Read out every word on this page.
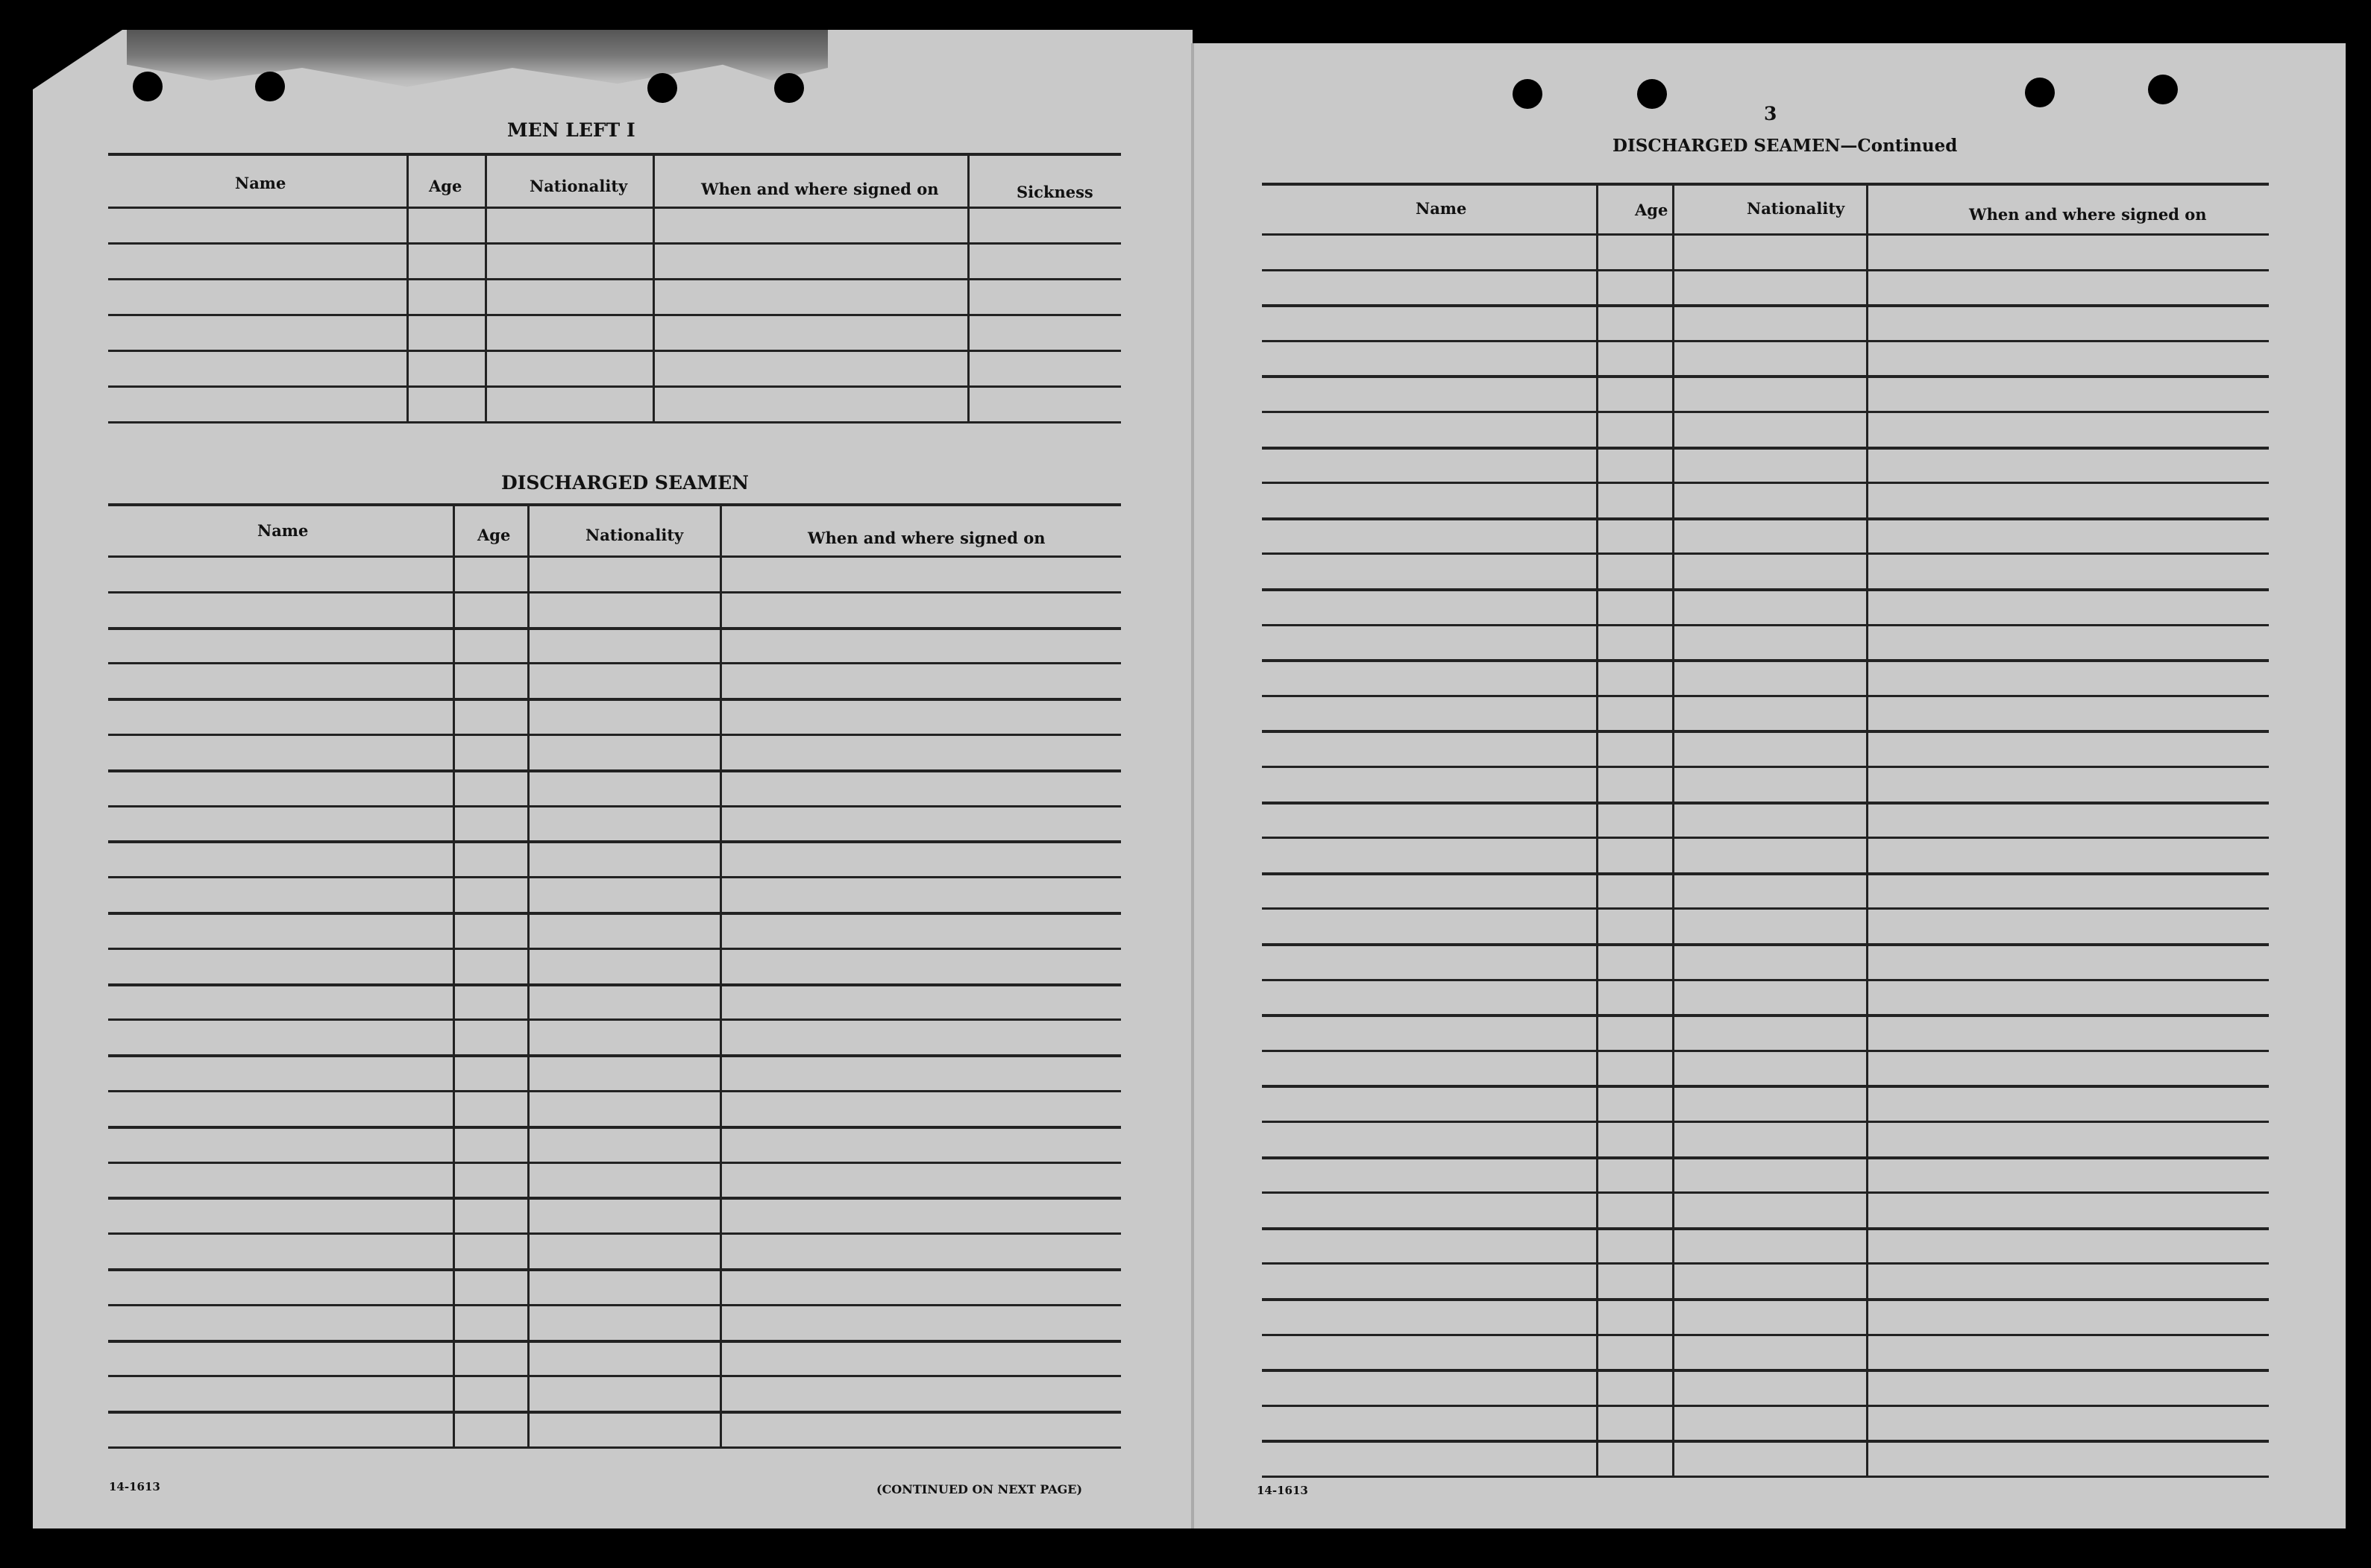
MEN LEFT I
Name	Age	Nationality	When and where signed on	Sickness
DISCHARGED SEAMEN
Name	Age	Nationality	When and where signed on
14-1613	(CONTINUED ON NEXT PAGE)
3
DISCHARGED SEAMEN—Continued
Name	Age	Nationality	When and where signed on
14-1613
